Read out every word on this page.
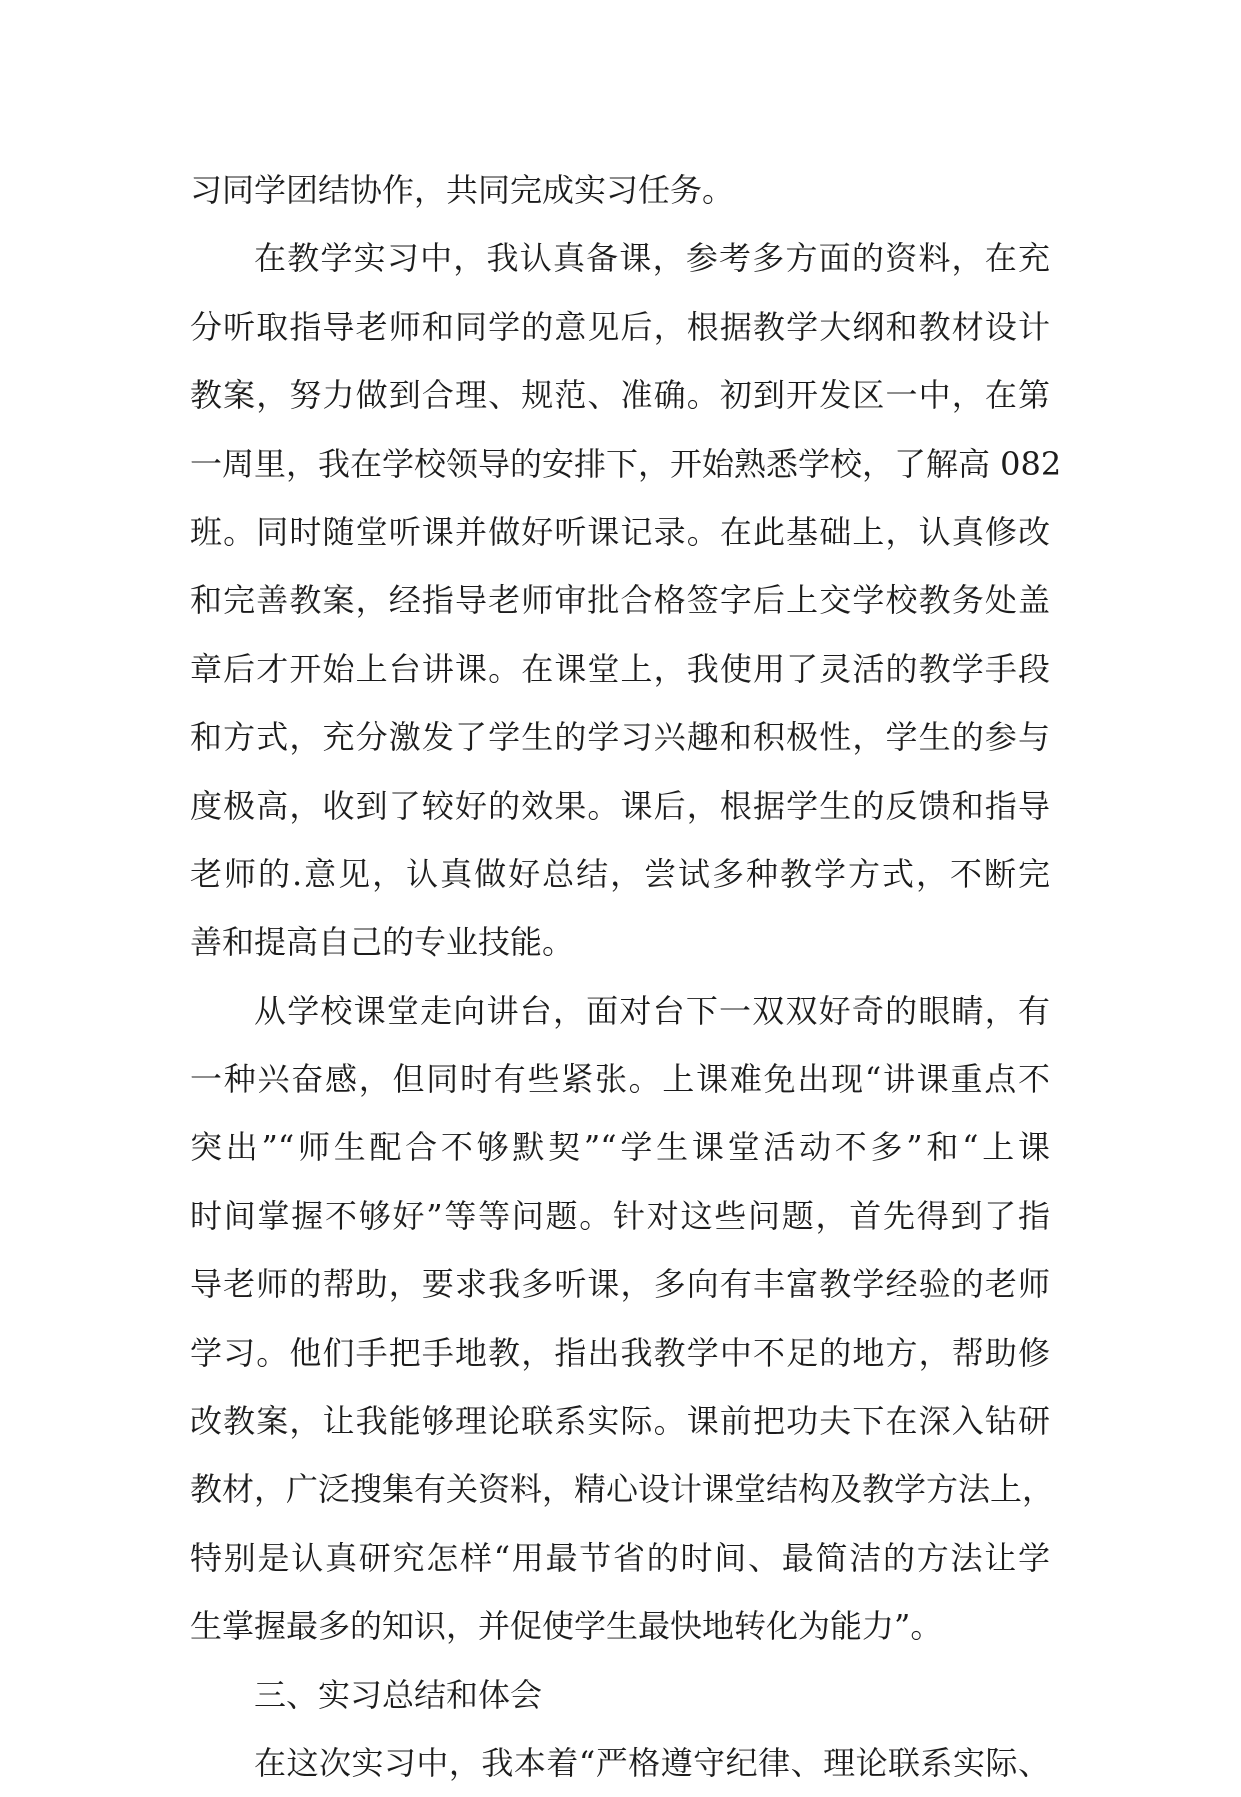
习同学团结协作，共同完成实习任务。
在教学实习中，我认真备课，参考多方面的资料，在充
分听取指导老师和同学的意见后，根据教学大纲和教材设计
教案，努力做到合理、规范、准确。初到开发区一中，在第
一周里，我在学校领导的安排下，开始熟悉学校，了解高 082
班。同时随堂听课并做好听课记录。在此基础上，认真修改
和完善教案，经指导老师审批合格签字后上交学校教务处盖
章后才开始上台讲课。在课堂上，我使用了灵活的教学手段
和方式，充分激发了学生的学习兴趣和积极性，学生的参与
度极高，收到了较好的效果。课后，根据学生的反馈和指导
老师的.意见，认真做好总结，尝试多种教学方式，不断完
善和提高自己的专业技能。
从学校课堂走向讲台，面对台下一双双好奇的眼睛，有
一种兴奋感，但同时有些紧张。上课难免出现“讲课重点不
突出”“师生配合不够默契”“学生课堂活动不多”和“上课
时间掌握不够好”等等问题。针对这些问题，首先得到了指
导老师的帮助，要求我多听课，多向有丰富教学经验的老师
学习。他们手把手地教，指出我教学中不足的地方，帮助修
改教案，让我能够理论联系实际。课前把功夫下在深入钻研
教材，广泛搜集有关资料，精心设计课堂结构及教学方法上，
特别是认真研究怎样“用最节省的时间、最简洁的方法让学
生掌握最多的知识，并促使学生最快地转化为能力”。
三、实习总结和体会
在这次实习中，我本着“严格遵守纪律、理论联系实际、
